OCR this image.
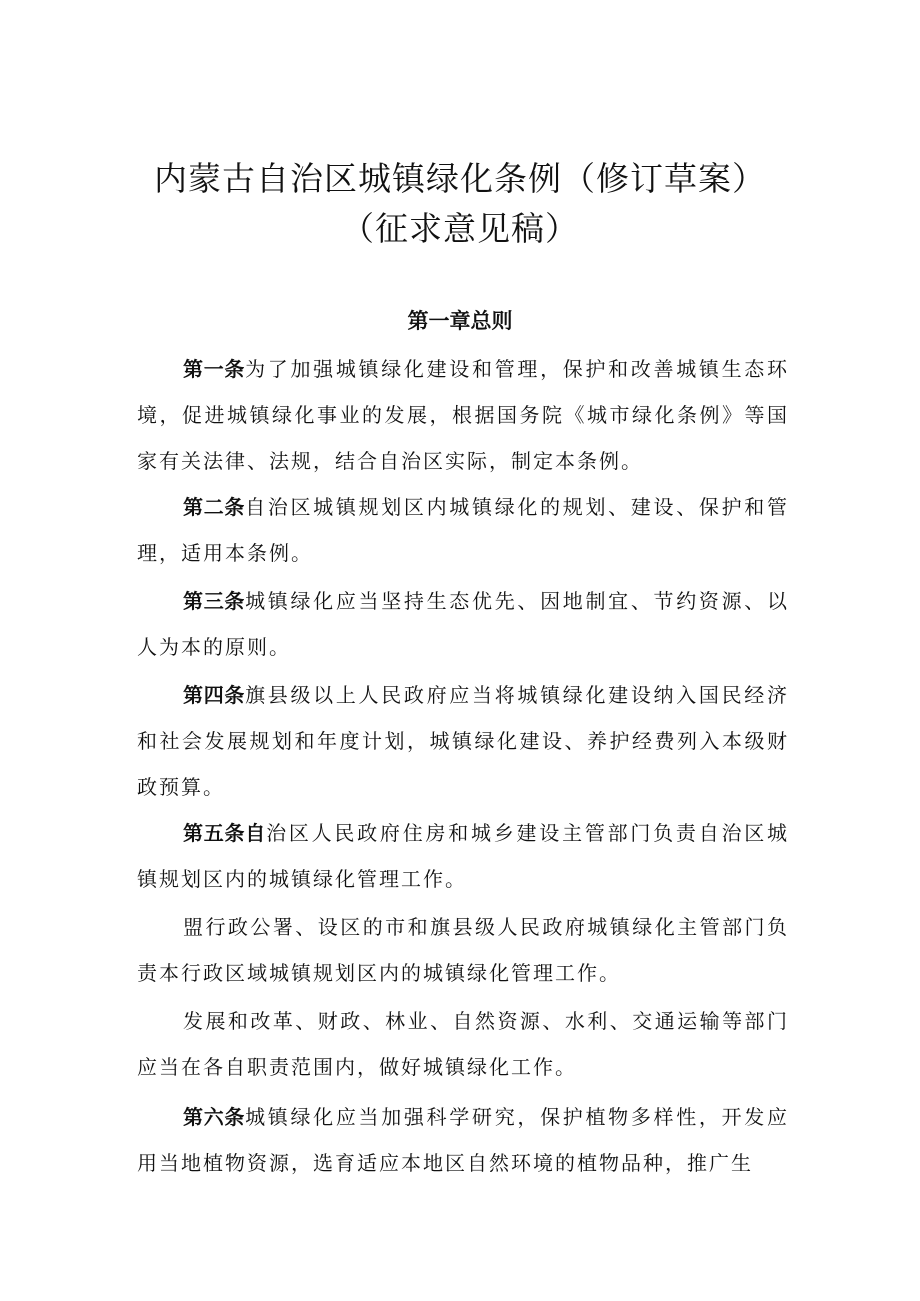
内蒙古自治区城镇绿化条例（修订草案）
（征求意见稿）
第一章总则
第一条为了加强城镇绿化建设和管理，保护和改善城镇生态环境，促进城镇绿化事业的发展，根据国务院《城市绿化条例》等国家有关法律、法规，结合自治区实际，制定本条例。
第二条自治区城镇规划区内城镇绿化的规划、建设、保护和管理，适用本条例。
第三条城镇绿化应当坚持生态优先、因地制宜、节约资源、以人为本的原则。
第四条旗县级以上人民政府应当将城镇绿化建设纳入国民经济和社会发展规划和年度计划，城镇绿化建设、养护经费列入本级财政预算。
第五条自治区人民政府住房和城乡建设主管部门负责自治区城镇规划区内的城镇绿化管理工作。
盟行政公署、设区的市和旗县级人民政府城镇绿化主管部门负责本行政区域城镇规划区内的城镇绿化管理工作。
发展和改革、财政、林业、自然资源、水利、交通运输等部门应当在各自职责范围内，做好城镇绿化工作。
第六条城镇绿化应当加强科学研究，保护植物多样性，开发应用当地植物资源，选育适应本地区自然环境的植物品种，推广生
